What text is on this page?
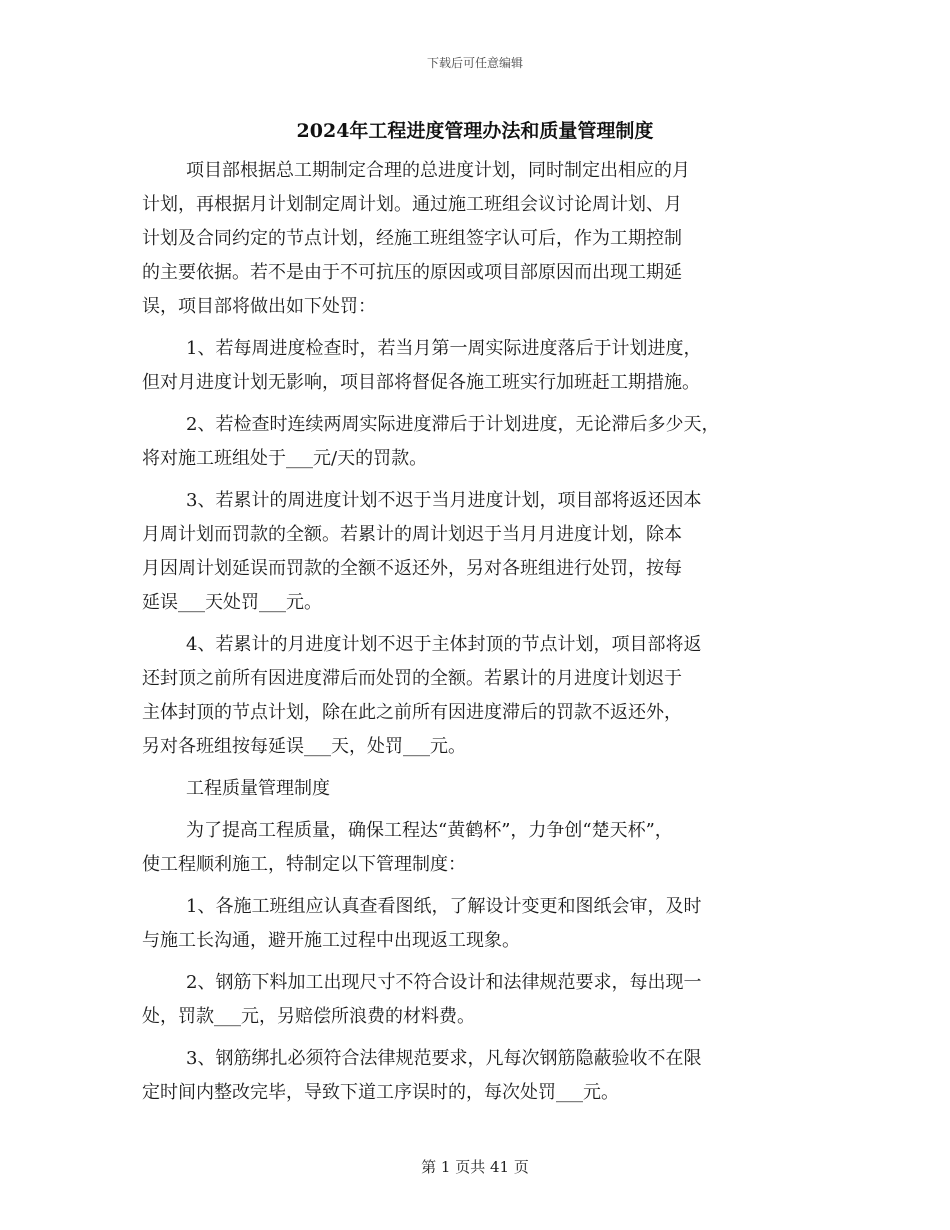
下载后可任意编辑
2024年工程进度管理办法和质量管理制度
项目部根据总工期制定合理的总进度计划，同时制定出相应的月
计划，再根据月计划制定周计划。通过施工班组会议讨论周计划、月
计划及合同约定的节点计划，经施工班组签字认可后，作为工期控制
的主要依据。若不是由于不可抗压的原因或项目部原因而出现工期延
误，项目部将做出如下处罚：
1、若每周进度检查时，若当月第一周实际进度落后于计划进度，
但对月进度计划无影响，项目部将督促各施工班实行加班赶工期措施。
2、若检查时连续两周实际进度滞后于计划进度，无论滞后多少天，
将对施工班组处于___元/天的罚款。
3、若累计的周进度计划不迟于当月进度计划，项目部将返还因本
月周计划而罚款的全额。若累计的周计划迟于当月月进度计划，除本
月因周计划延误而罚款的全额不返还外，另对各班组进行处罚，按每
延误___天处罚___元。
4、若累计的月进度计划不迟于主体封顶的节点计划，项目部将返
还封顶之前所有因进度滞后而处罚的全额。若累计的月进度计划迟于
主体封顶的节点计划，除在此之前所有因进度滞后的罚款不返还外，
另对各班组按每延误___天，处罚___元。
工程质量管理制度
为了提高工程质量，确保工程达“黄鹤杯”，力争创“楚天杯”，
使工程顺利施工，特制定以下管理制度：
1、各施工班组应认真查看图纸，了解设计变更和图纸会审，及时
与施工长沟通，避开施工过程中出现返工现象。
2、钢筋下料加工出现尺寸不符合设计和法律规范要求，每出现一
处，罚款___元，另赔偿所浪费的材料费。
3、钢筋绑扎必须符合法律规范要求，凡每次钢筋隐蔽验收不在限
定时间内整改完毕，导致下道工序误时的，每次处罚___元。
第 1 页共 41 页
